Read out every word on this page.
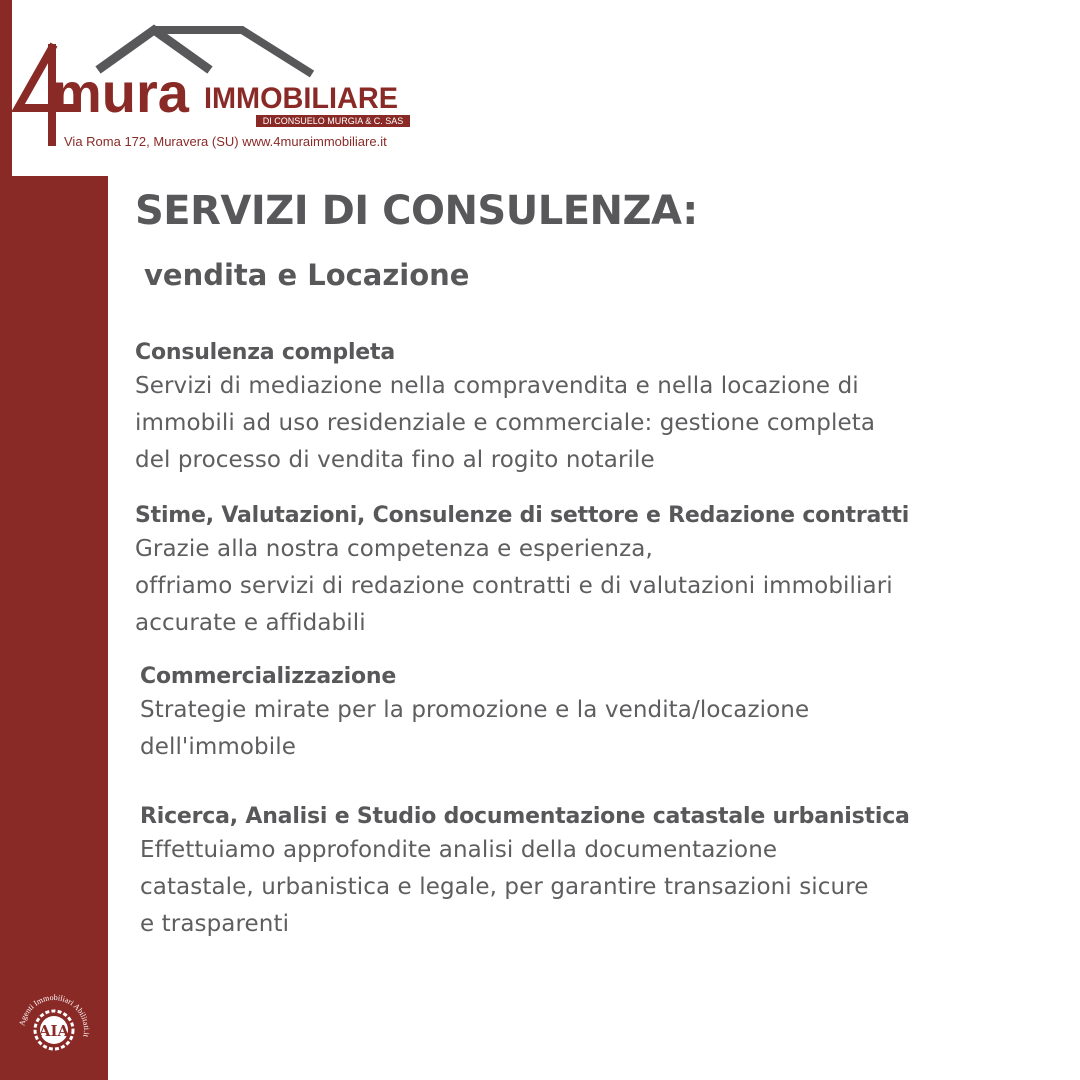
mura IMMOBILIARE
DI CONSUELO MURGIA & C. SAS
Via Roma 172, Muravera (SU) www.4muraimmobiliare.it
SERVIZI DI CONSULENZA:
vendita e Locazione
Consulenza completa
Servizi di mediazione nella compravendita e nella locazione di
immobili ad uso residenziale e commerciale: gestione completa
del processo di vendita fino al rogito notarile
Stime, Valutazioni, Consulenze di settore e Redazione contratti
Grazie alla nostra competenza e esperienza,
offriamo servizi di redazione contratti e di valutazioni immobiliari
accurate e affidabili
Commercializzazione
Strategie mirate per la promozione e la vendita/locazione
dell'immobile
Ricerca, Analisi e Studio documentazione catastale urbanistica
Effettuiamo approfondite analisi della documentazione
catastale, urbanistica e legale, per garantire transazioni sicure
e trasparenti
AIA
Agenti Immobiliari Abilitati.it
